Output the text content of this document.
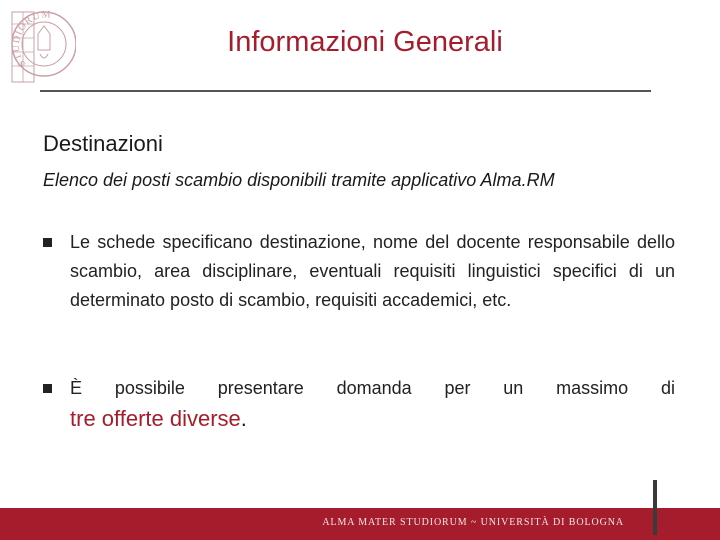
STUDIORUM
Informazioni Generali
Destinazioni

Elenco dei posti scambio disponibili tramite applicativo Alma.RM

Le schede specificano destinazione, nome del docente responsabile dello scambio, area disciplinare, eventuali requisiti linguistici specifici di un determinato posto di scambio, requisiti accademici, etc.
È possibile presentare domanda per un massimo di
tre offerte diverse.
ALMA MATER STUDIORUM ~ UNIVERSITÀ DI BOLOGNA
